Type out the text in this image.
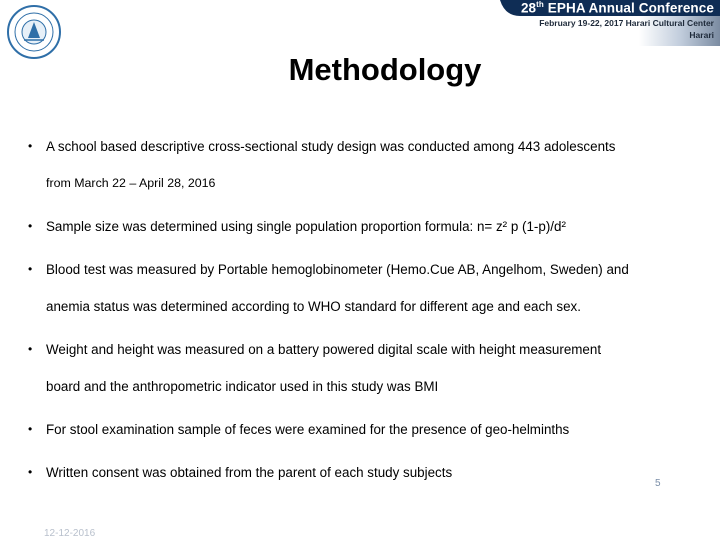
28th EPHA Annual Conference
February 19-22, 2017 Harari Cultural Center
Harari
Methodology
• A school based descriptive cross-sectional study design was conducted among 443 adolescents
from March 22 – April 28, 2016
• Sample size was determined using single population proportion formula: n= z² p (1-p)/d²
• Blood test was measured by Portable hemoglobinometer (Hemo.Cue AB, Angelhom, Sweden) and
anemia status was determined according to WHO standard for different age and each sex.
• Weight and height was measured on a battery powered digital scale with height measurement
board and the anthropometric indicator used in this study was BMI
• For stool examination sample of feces were examined for the presence of geo-helminths
• Written consent was obtained from the parent of each study subjects
5
12-12-2016
